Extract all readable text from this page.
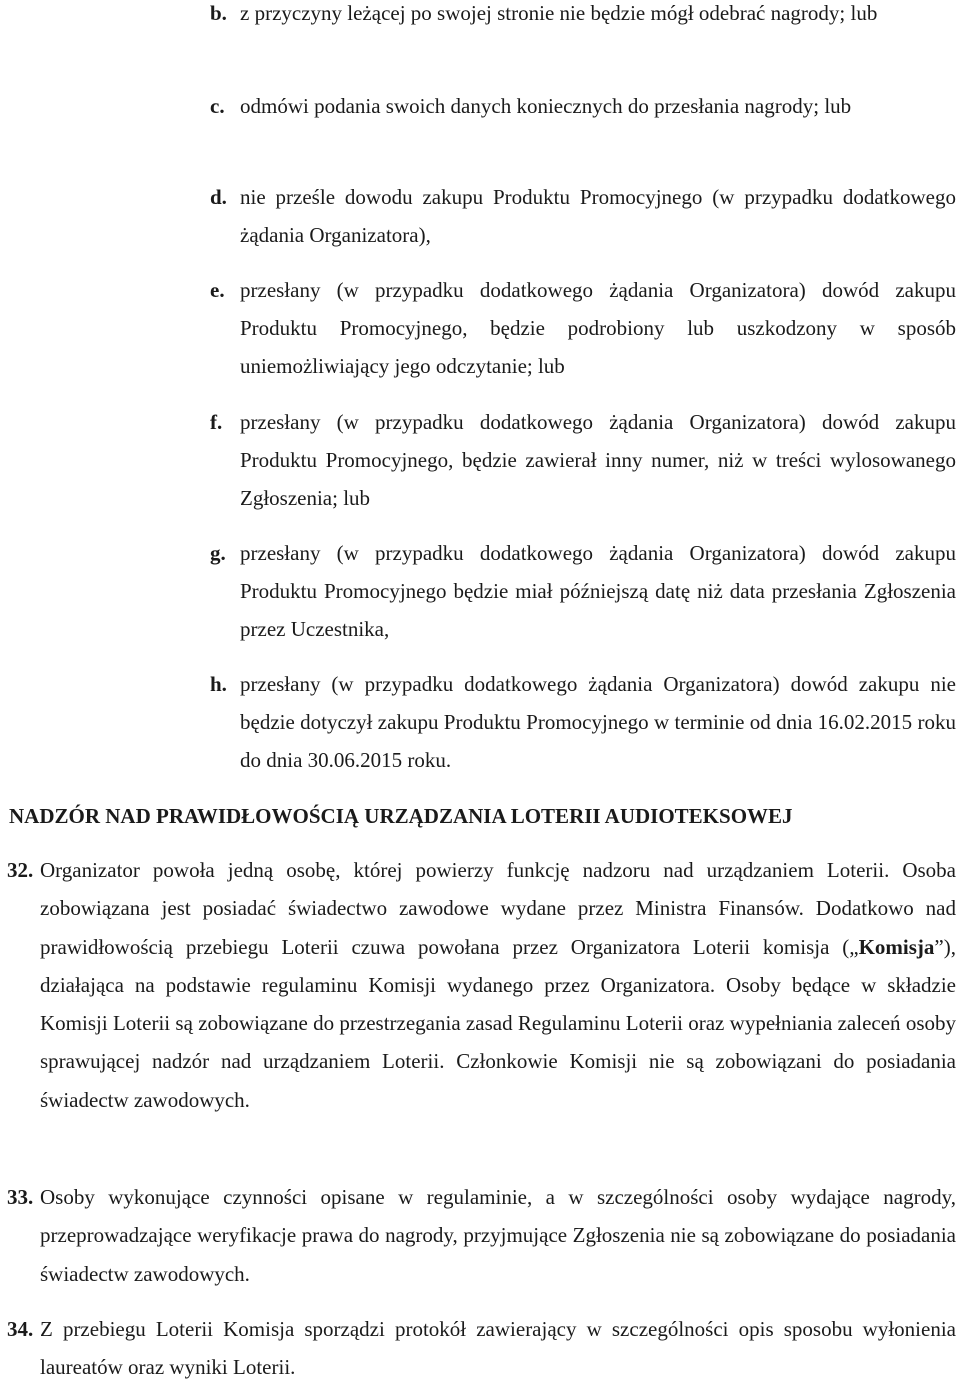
b. z przyczyny leżącej po swojej stronie nie będzie mógł odebrać nagrody; lub
c. odmówi podania swoich danych koniecznych do przesłania nagrody; lub
d. nie prześle dowodu zakupu Produktu Promocyjnego (w przypadku dodatkowego żądania Organizatora),
e. przesłany (w przypadku dodatkowego żądania Organizatora) dowód zakupu Produktu Promocyjnego, będzie podrobiony lub uszkodzony w sposób uniemożliwiający jego odczytanie; lub
f. przesłany (w przypadku dodatkowego żądania Organizatora) dowód zakupu Produktu Promocyjnego, będzie zawierał inny numer, niż w treści wylosowanego Zgłoszenia; lub
g. przesłany (w przypadku dodatkowego żądania Organizatora) dowód zakupu Produktu Promocyjnego będzie miał późniejszą datę niż data przesłania Zgłoszenia przez Uczestnika,
h. przesłany (w przypadku dodatkowego żądania Organizatora) dowód zakupu nie będzie dotyczył zakupu Produktu Promocyjnego w terminie od dnia 16.02.2015 roku do dnia 30.06.2015 roku.
NADZÓR NAD PRAWIDŁOWOŚCIĄ URZĄDZANIA LOTERII AUDIOTEKSOWEJ
32. Organizator powoła jedną osobę, której powierzy funkcję nadzoru nad urządzaniem Loterii. Osoba zobowiązana jest posiadać świadectwo zawodowe wydane przez Ministra Finansów. Dodatkowo nad prawidłowością przebiegu Loterii czuwa powołana przez Organizatora Loterii komisja („Komisja”), działająca na podstawie regulaminu Komisji wydanego przez Organizatora. Osoby będące w składzie Komisji Loterii są zobowiązane do przestrzegania zasad Regulaminu Loterii oraz wypełniania zaleceń osoby sprawującej nadzór nad urządzaniem Loterii. Członkowie Komisji nie są zobowiązani do posiadania świadectw zawodowych.
33. Osoby wykonujące czynności opisane w regulaminie, a w szczególności osoby wydające nagrody, przeprowadzające weryfikacje prawa do nagrody, przyjmujące Zgłoszenia nie są zobowiązane do posiadania świadectw zawodowych.
34. Z przebiegu Loterii Komisja sporządzi protokół zawierający w szczególności opis sposobu wyłonienia laureatów oraz wyniki Loterii.
